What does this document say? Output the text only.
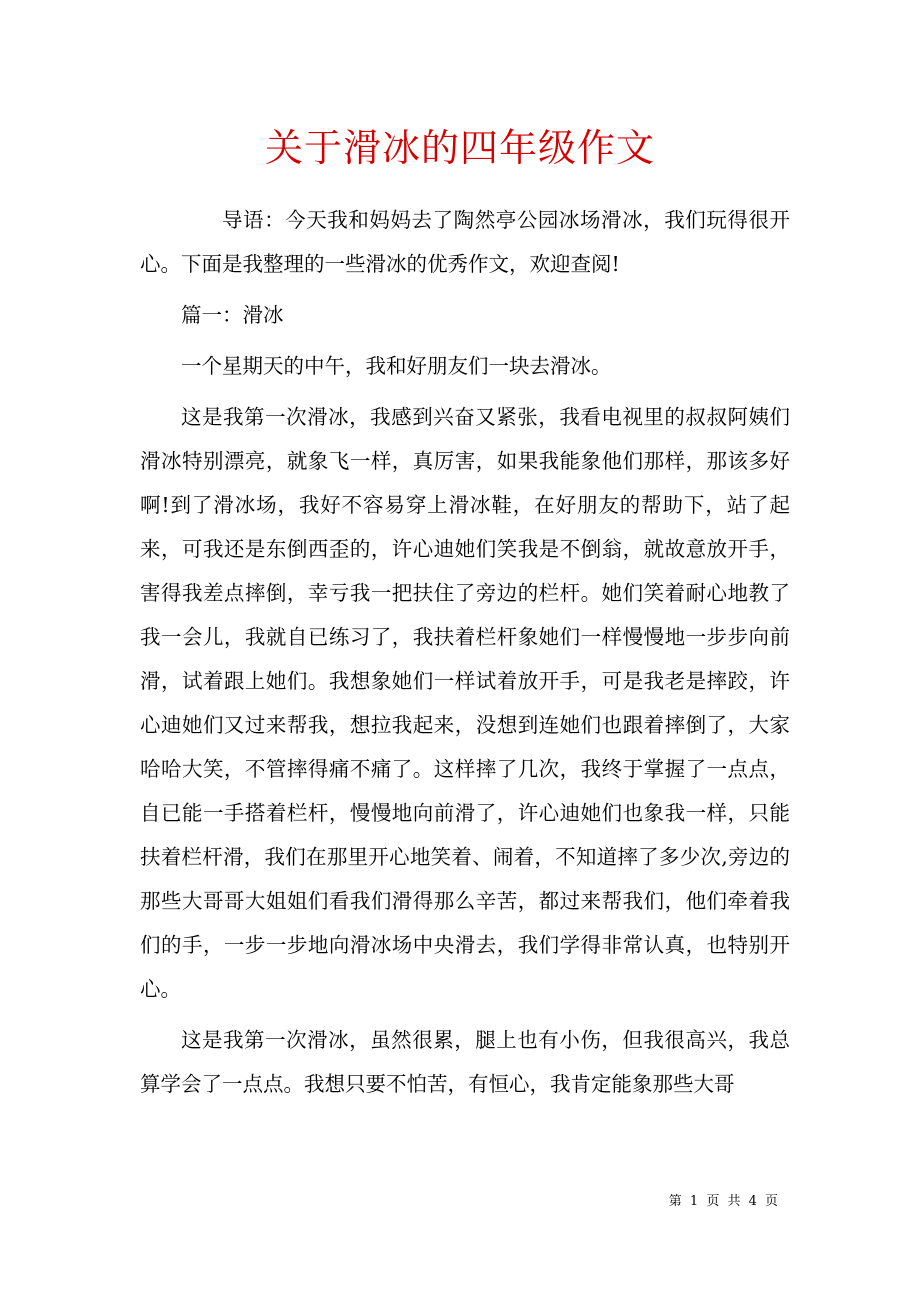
关于滑冰的四年级作文

导语：今天我和妈妈去了陶然亭公园冰场滑冰，我们玩得很开心。下面是我整理的一些滑冰的优秀作文，欢迎查阅!

篇一：滑冰

一个星期天的中午，我和好朋友们一块去滑冰。

这是我第一次滑冰，我感到兴奋又紧张，我看电视里的叔叔阿姨们滑冰特别漂亮，就象飞一样，真厉害，如果我能象他们那样，那该多好啊!到了滑冰场，我好不容易穿上滑冰鞋，在好朋友的帮助下，站了起来，可我还是东倒西歪的，许心迪她们笑我是不倒翁，就故意放开手，害得我差点摔倒，幸亏我一把扶住了旁边的栏杆。她们笑着耐心地教了我一会儿，我就自已练习了，我扶着栏杆象她们一样慢慢地一步步向前滑，试着跟上她们。我想象她们一样试着放开手，可是我老是摔跤，许心迪她们又过来帮我，想拉我起来，没想到连她们也跟着摔倒了，大家哈哈大笑，不管摔得痛不痛了。这样摔了几次，我终于掌握了一点点，自已能一手搭着栏杆，慢慢地向前滑了，许心迪她们也象我一样，只能扶着栏杆滑，我们在那里开心地笑着、闹着，不知道摔了多少次,旁边的那些大哥哥大姐姐们看我们滑得那么辛苦，都过来帮我们，他们牵着我们的手，一步一步地向滑冰场中央滑去，我们学得非常认真，也特别开心。

这是我第一次滑冰，虽然很累，腿上也有小伤，但我很高兴，我总算学会了一点点。我想只要不怕苦，有恒心，我肯定能象那些大哥

第 1 页 共 4 页
